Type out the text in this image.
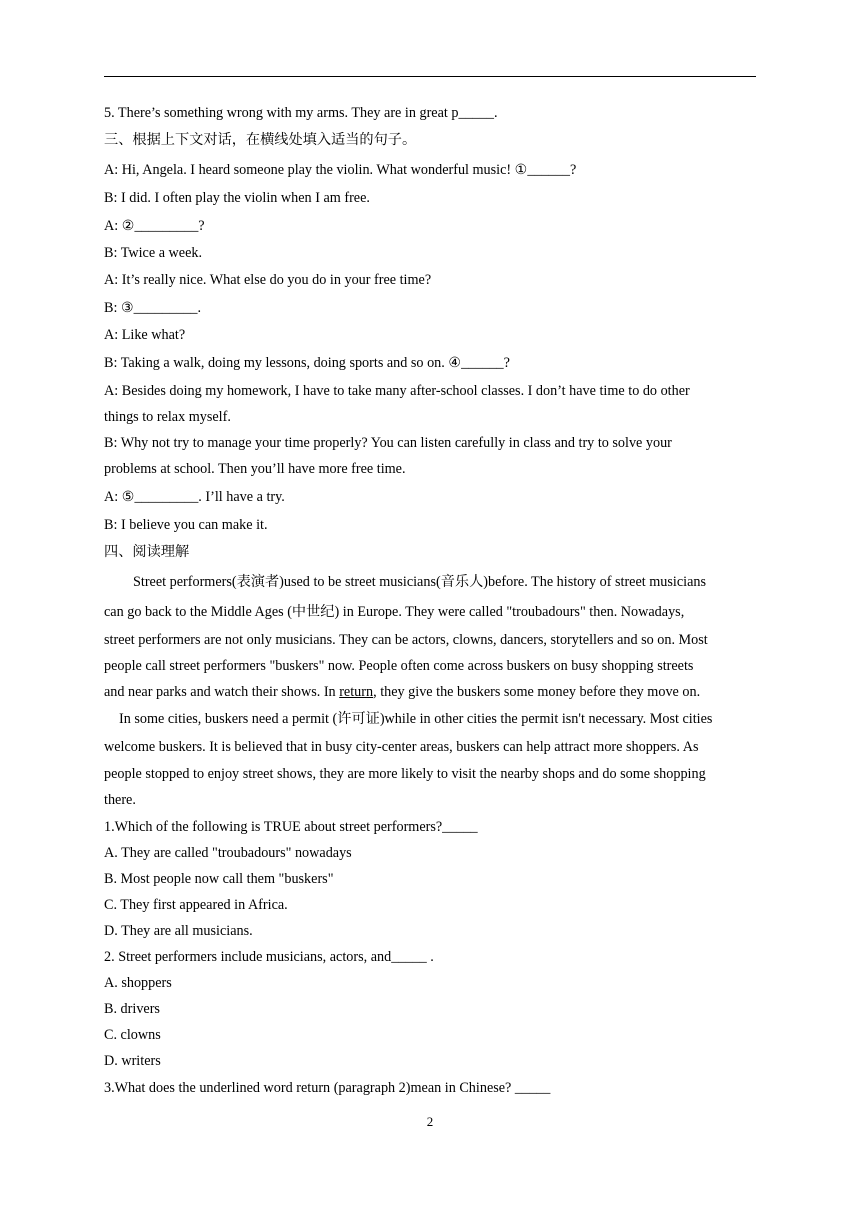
5. There’s something wrong with my arms. They are in great p_____.
三、根据上下文对话，在横线处填入适当的句子。
A: Hi, Angela. I heard someone play the violin. What wonderful music! ①______?
B: I did. I often play the violin when I am free.
A: ②_________?
B: Twice a week.
A: It’s really nice. What else do you do in your free time?
B: ③_________.
A: Like what?
B: Taking a walk, doing my lessons, doing sports and so on. ④______?
A: Besides doing my homework, I have to take many after-school classes. I don’t have time to do other
things to relax myself.
B: Why not try to manage your time properly? You can listen carefully in class and try to solve your
problems at school. Then you’ll have more free time.
A: ⑤_________. I’ll have a try.
B: I believe you can make it.
四、阅读理解
Street performers(表演者)used to be street musicians(音乐人)before. The history of street musicians
can go back to the Middle Ages (中世纪) in Europe. They were called "troubadours" then. Nowadays,
street performers are not only musicians. They can be actors, clowns, dancers, storytellers and so on. Most
people call street performers "buskers" now. People often come across buskers on busy shopping streets
and near parks and watch their shows. In return, they give the buskers some money before they move on.
In some cities, buskers need a permit (许可证)while in other cities the permit isn't necessary. Most cities
welcome buskers. It is believed that in busy city-center areas, buskers can help attract more shoppers. As
people stopped to enjoy street shows, they are more likely to visit the nearby shops and do some shopping
there.
1.Which of the following is TRUE about street performers?_____
A. They are called "troubadours" nowadays
B. Most people now call them "buskers"
C. They first appeared in Africa.
D. They are all musicians.
2. Street performers include musicians, actors, and_____ .
A. shoppers
B. drivers
C. clowns
D. writers
3.What does the underlined word return (paragraph 2)mean in Chinese? _____
2
